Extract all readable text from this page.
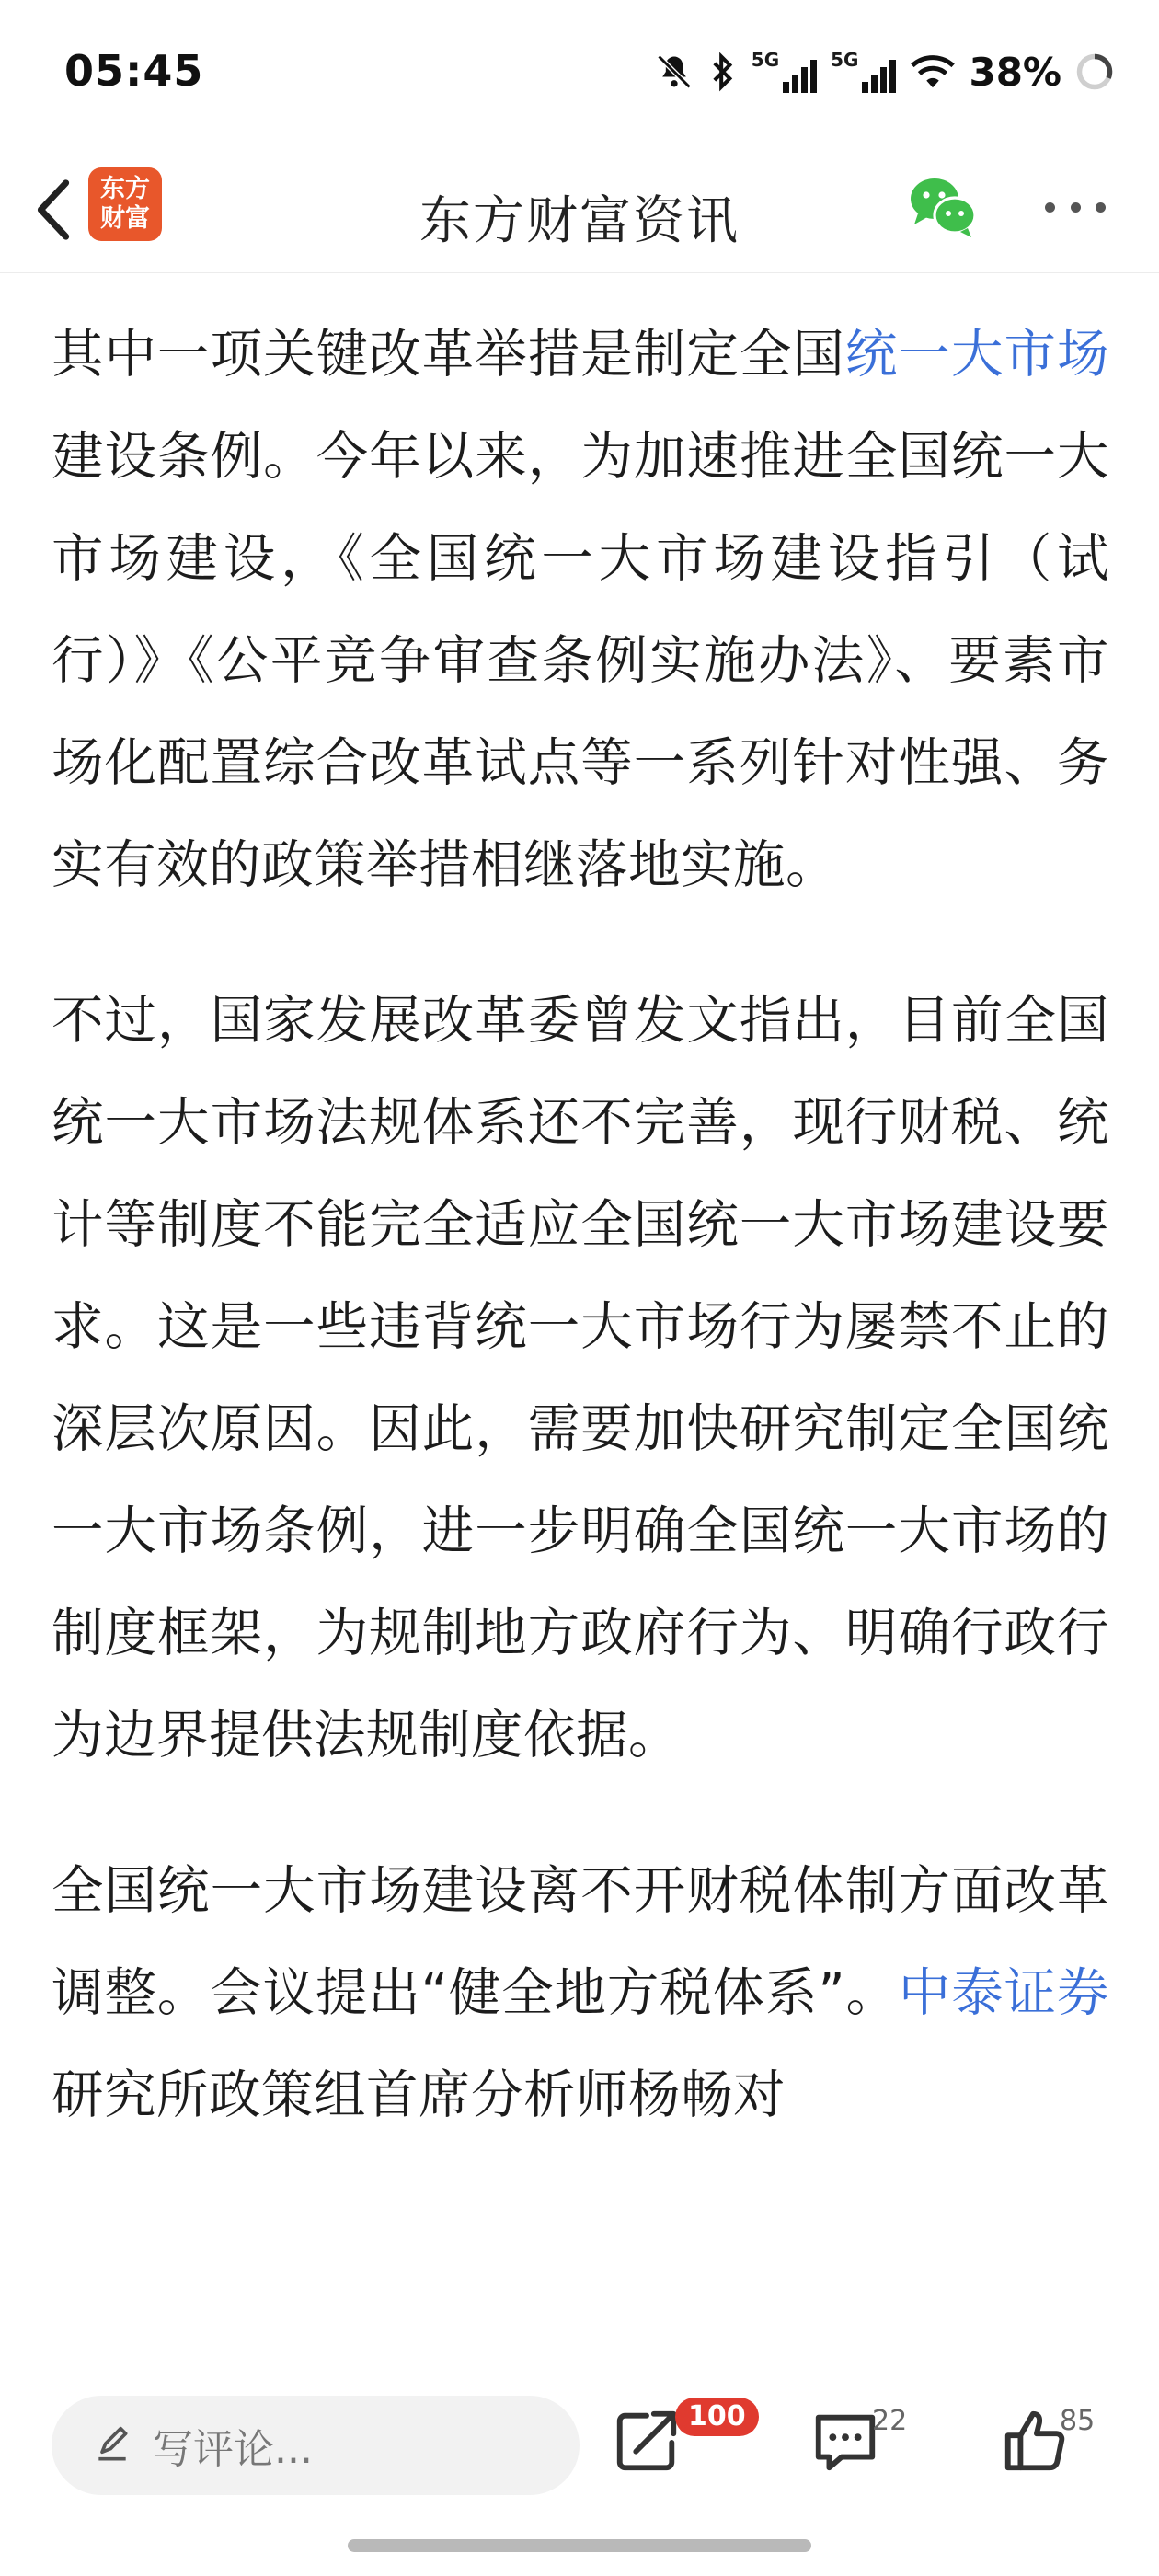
05:45	5G	5G	38%
东方
财富	东方财富资讯

其中一项关键改革举措是制定全国统一大市场建设条例。今年以来，为加速推进全国统一大市场建设，《全国统一大市场建设指引（试行）》《公平竞争审查条例实施办法》、要素市场化配置综合改革试点等一系列针对性强、务实有效的政策举措相继落地实施。

不过，国家发展改革委曾发文指出，目前全国统一大市场法规体系还不完善，现行财税、统计等制度不能完全适应全国统一大市场建设要求。这是一些违背统一大市场行为屡禁不止的深层次原因。因此，需要加快研究制定全国统一大市场条例，进一步明确全国统一大市场的制度框架，为规制地方政府行为、明确行政行为边界提供法规制度依据。

全国统一大市场建设离不开财税体制方面改革调整。会议提出“健全地方税体系”。中泰证券研究所政策组首席分析师杨畅对

写评论...
100	22	85
